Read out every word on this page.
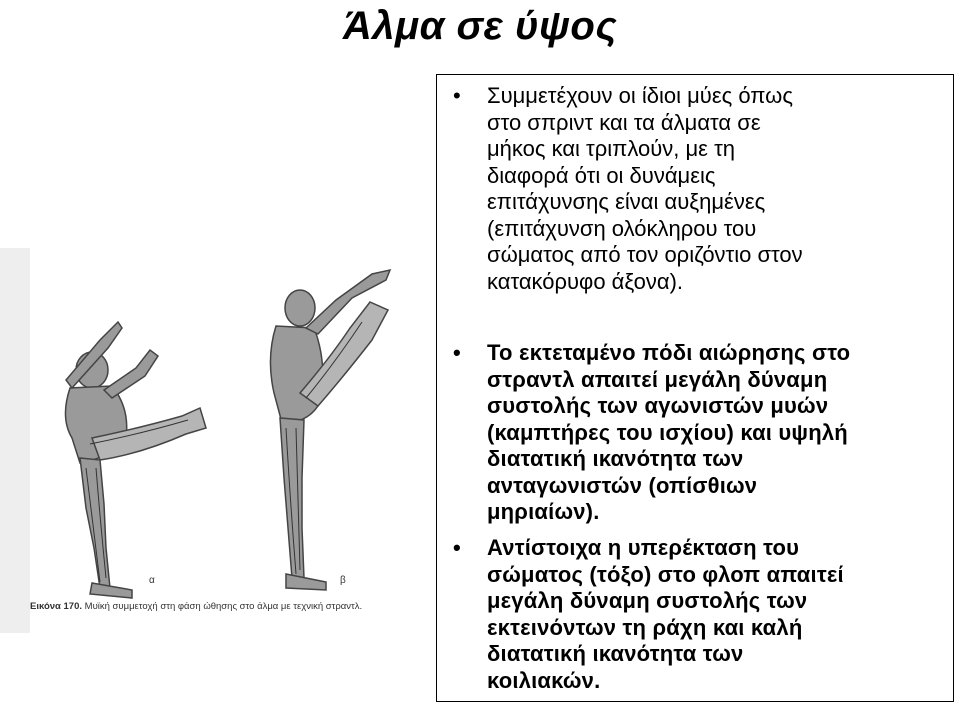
Άλμα σε ύψος
α	β
Εικόνα 170. Μυϊκή συμμετοχή στη φάση ώθησης στο άλμα με τεχνική στραντλ.
• Συμμετέχουν οι ίδιοι μύες όπως
στο σπριντ και τα άλματα σε
μήκος και τριπλούν, με τη
διαφορά ότι οι δυνάμεις
επιτάχυνσης είναι αυξημένες
(επιτάχυνση ολόκληρου του
σώματος από τον οριζόντιο στον
κατακόρυφο άξονα).
• Το εκτεταμένο πόδι αιώρησης στο
στραντλ απαιτεί μεγάλη δύναμη
συστολής των αγωνιστών μυών
(καμπτήρες του ισχίου) και υψηλή
διατατική ικανότητα των
ανταγωνιστών (οπίσθιων
μηριαίων).
• Αντίστοιχα η υπερέκταση του
σώματος (τόξο) στο φλοπ απαιτεί
μεγάλη δύναμη συστολής των
εκτεινόντων τη ράχη και καλή
διατατική ικανότητα των
κοιλιακών.
